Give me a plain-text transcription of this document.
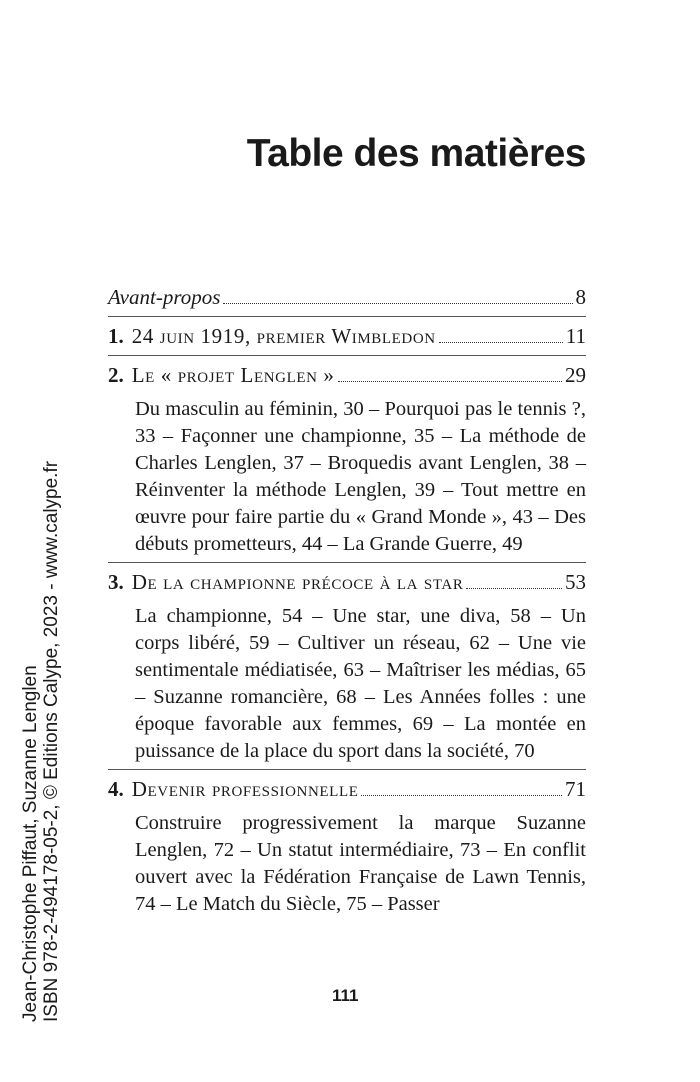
Table des matières
Avant-propos	8
1. 24 juin 1919, premier Wimbledon	11
2. Le « projet Lenglen »	29
Du masculin au féminin, 30 – Pourquoi pas le tennis ?, 33 – Façonner une championne, 35 – La méthode de Charles Lenglen, 37 – Broquedis avant Lenglen, 38 – Réinventer la méthode Lenglen, 39 – Tout mettre en œuvre pour faire partie du « Grand Monde », 43 – Des débuts prometteurs, 44 – La Grande Guerre, 49
3. De la championne précoce à la star	53
La championne, 54 – Une star, une diva, 58 – Un corps libéré, 59 – Cultiver un réseau, 62 – Une vie sentimentale médiatisée, 63 – Maîtriser les médias, 65 – Suzanne romancière, 68 – Les Années folles : une époque favorable aux femmes, 69 – La montée en puissance de la place du sport dans la société, 70
4. Devenir professionnelle	71
Construire progressivement la marque Suzanne Lenglen, 72 – Un statut intermédiaire, 73 – En conflit ouvert avec la Fédération Française de Lawn Tennis, 74 – Le Match du Siècle, 75 – Passer
111
Jean-Christophe Piffaut, Suzanne Lenglen ISBN 978-2-494178-05-2, © Editions Calype, 2023 - www.calype.fr
